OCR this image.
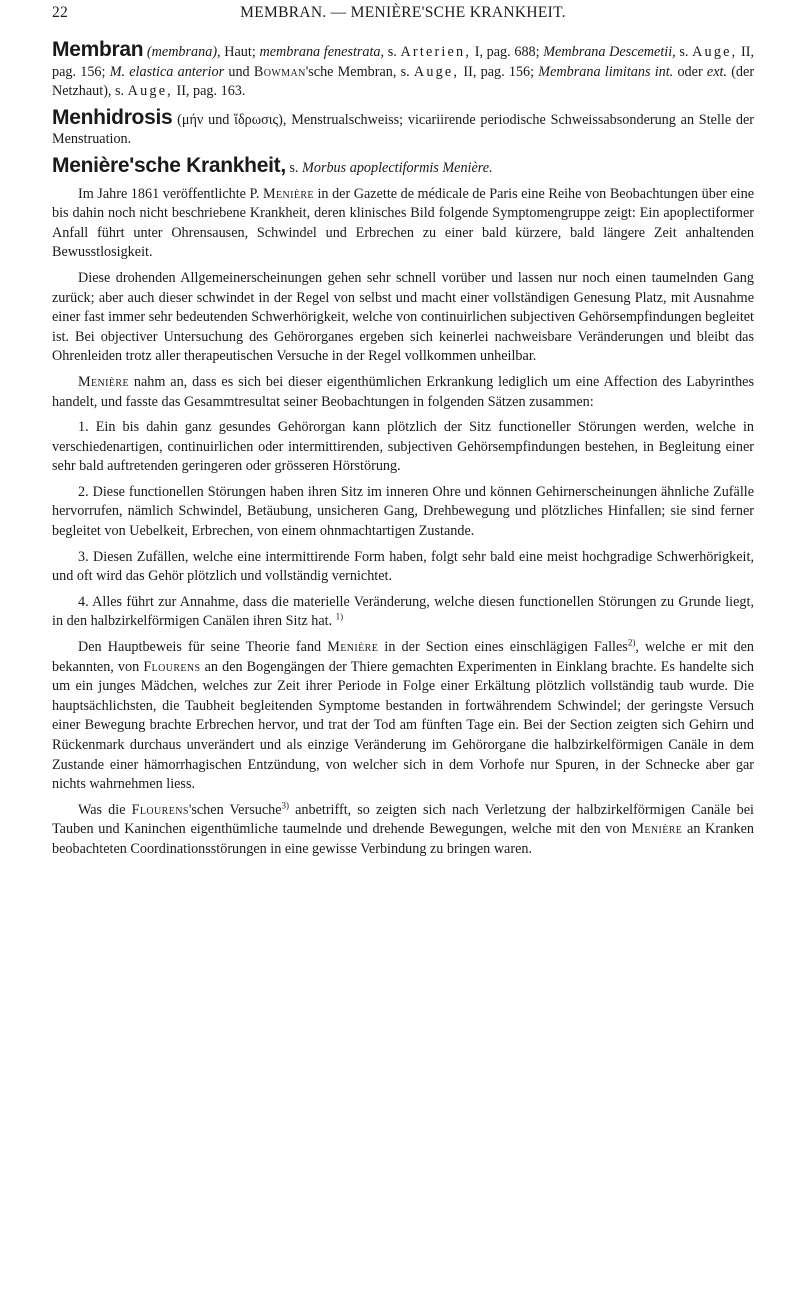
22	MEMBRAN. — MENIÈRE'SCHE KRANKHEIT.

Membran (membrana), Haut; membrana fenestrata, s. Arterien, I, pag. 688; Membrana Descemetii, s. Auge, II, pag. 156; M. elastica anterior und Bowman'sche Membran, s. Auge, II, pag. 156; Membrana limitans int. oder ext. (der Netzhaut), s. Auge, II, pag. 163.

Menhidrosis (μήν und ἵδρωσις), Menstrualschweiss; vicariirende periodische Schweissabsonderung an Stelle der Menstruation.

Menière'sche Krankheit, s. Morbus apoplectiformis Menière.

Im Jahre 1861 veröffentlichte P. Menière in der Gazette de médicale de Paris eine Reihe von Beobachtungen über eine bis dahin noch nicht beschriebene Krankheit, deren klinisches Bild folgende Symptomengruppe zeigt: Ein apoplectiformer Anfall führt unter Ohrensausen, Schwindel und Erbrechen zu einer bald kürzere, bald längere Zeit anhaltenden Bewusstlosigkeit.

Diese drohenden Allgemeinerscheinungen gehen sehr schnell vorüber und lassen nur noch einen taumelnden Gang zurück; aber auch dieser schwindet in der Regel von selbst und macht einer vollständigen Genesung Platz, mit Ausnahme einer fast immer sehr bedeutenden Schwerhörigkeit, welche von continuirlichen subjectiven Gehörsempfindungen begleitet ist. Bei objectiver Untersuchung des Gehörorganes ergeben sich keinerlei nachweisbare Veränderungen und bleibt das Ohrenleiden trotz aller therapeutischen Versuche in der Regel vollkommen unheilbar.

Menière nahm an, dass es sich bei dieser eigenthümlichen Erkrankung lediglich um eine Affection des Labyrinthes handelt, und fasste das Gesammtresultat seiner Beobachtungen in folgenden Sätzen zusammen:

1. Ein bis dahin ganz gesundes Gehörorgan kann plötzlich der Sitz functioneller Störungen werden, welche in verschiedenartigen, continuirlichen oder intermittirenden, subjectiven Gehörsempfindungen bestehen, in Begleitung einer sehr bald auftretenden geringeren oder grösseren Hörstörung.

2. Diese functionellen Störungen haben ihren Sitz im inneren Ohre und können Gehirnerscheinungen ähnliche Zufälle hervorrufen, nämlich Schwindel, Betäubung, unsicheren Gang, Drehbewegung und plötzliches Hinfallen; sie sind ferner begleitet von Uebelkeit, Erbrechen, von einem ohnmachtartigen Zustande.

3. Diesen Zufällen, welche eine intermittirende Form haben, folgt sehr bald eine meist hochgradige Schwerhörigkeit, und oft wird das Gehör plötzlich und vollständig vernichtet.

4. Alles führt zur Annahme, dass die materielle Veränderung, welche diesen functionellen Störungen zu Grunde liegt, in den halbzirkelförmigen Canälen ihren Sitz hat. $^{1)}$

Den Hauptbeweis für seine Theorie fand Menière in der Section eines einschlägigen Falles$^{2)}$, welche er mit den bekannten, von Flourens an den Bogengängen der Thiere gemachten Experimenten in Einklang brachte. Es handelte sich um ein junges Mädchen, welches zur Zeit ihrer Periode in Folge einer Erkältung plötzlich vollständig taub wurde. Die hauptsächlichsten, die Taubheit begleitenden Symptome bestanden in fortwährendem Schwindel; der geringste Versuch einer Bewegung brachte Erbrechen hervor, und trat der Tod am fünften Tage ein. Bei der Section zeigten sich Gehirn und Rückenmark durchaus unverändert und als einzige Veränderung im Gehörorgane die halbzirkelförmigen Canäle in dem Zustande einer hämorrhagischen Entzündung, von welcher sich in dem Vorhofe nur Spuren, in der Schnecke aber gar nichts wahrnehmen liess.

Was die Flourens'schen Versuche$^{3)}$ anbetrifft, so zeigten sich nach Verletzung der halbzirkelförmigen Canäle bei Tauben und Kaninchen eigenthümliche taumelnde und drehende Bewegungen, welche mit den von Menière an Kranken beobachteten Coordinationsstörungen in eine gewisse Verbindung zu bringen waren.
